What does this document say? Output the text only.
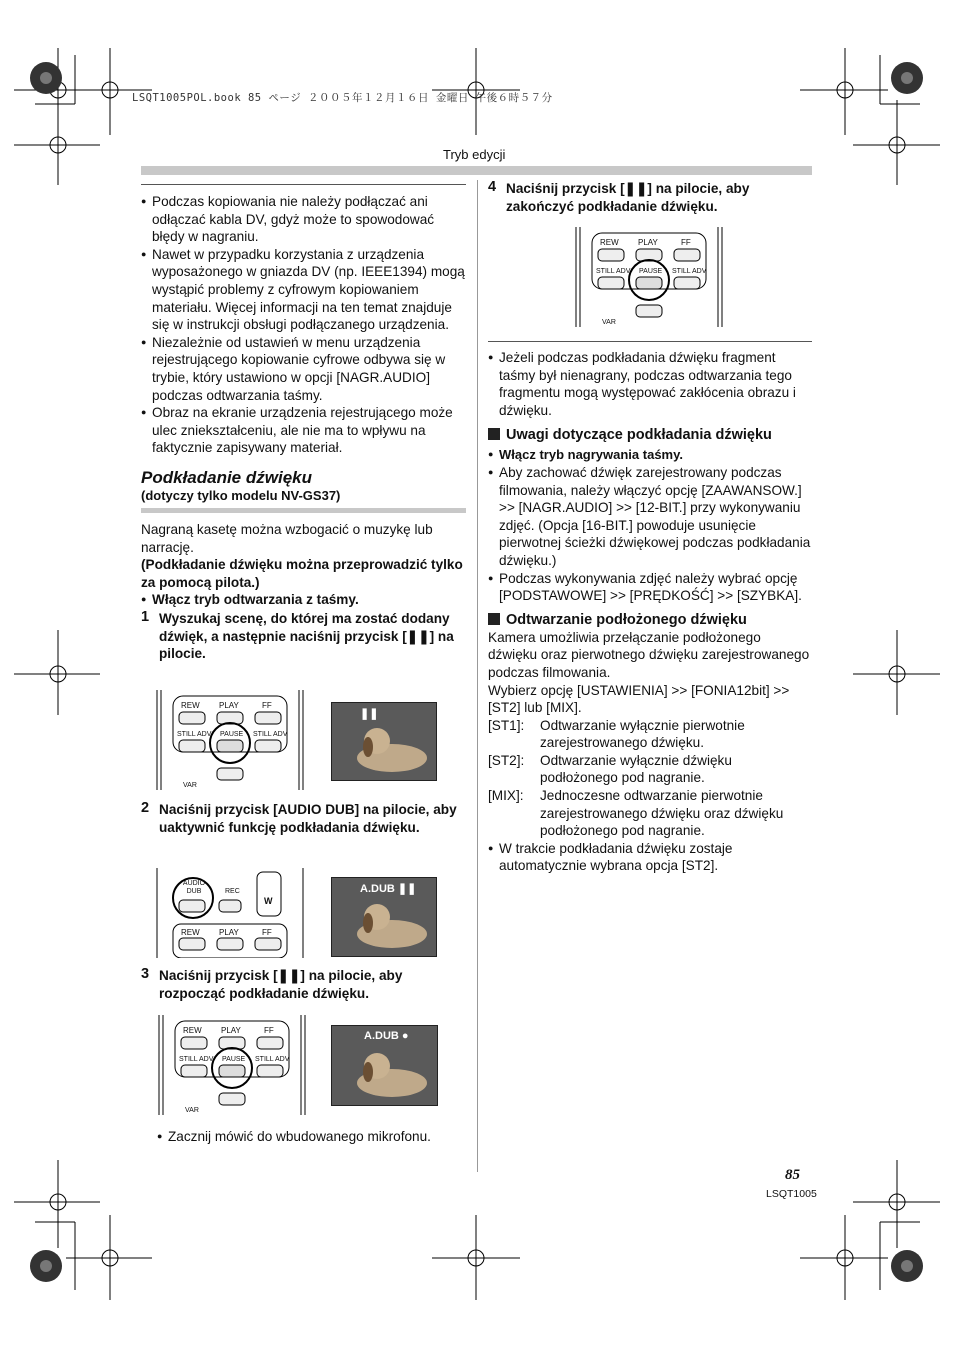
LSQT1005POL.book 85 ページ ２００５年１２月１６日 金曜日 午後６時５７分
Tryb edycji

● Podczas kopiowania nie należy podłączać ani odłączać kabla DV, gdyż może to spowodować błędy w nagraniu.

● Nawet w przypadku korzystania z urządzenia wyposażonego w gniazda DV (np. IEEE1394) mogą wystąpić problemy z cyfrowym kopiowaniem materiału. Więcej informacji na ten temat znajduje się w instrukcji obsługi podłączanego urządzenia.

● Niezależnie od ustawień w menu urządzenia rejestrującego kopiowanie cyfrowe odbywa się w trybie, który ustawiono w opcji [NAGR.AUDIO] podczas odtwarzania taśmy.

● Obraz na ekranie urządzenia rejestrującego może ulec zniekształceniu, ale nie ma to wpływu na faktycznie zapisywany materiał.

Podkładanie dźwięku

(dotyczy tylko modelu NV-GS37)

Nagraną kasetę można wzbogacić o muzykę lub narrację.

(Podkładanie dźwięku można przeprowadzić tylko za pomocą pilota.)

● Włącz tryb odtwarzania z taśmy.

1 Wyszukaj scenę, do której ma zostać dodany dźwięk, a następnie naciśnij przycisk [❚❚] na pilocie.

REW PLAY	FF
STILL ADV PAUSE STILL ADV
VAR
❚❚

2 Naciśnij przycisk [AUDIO DUB] na pilocie, aby uaktywnić funkcję podkładania dźwięku.

AUDIO DUB	REC
W
REW PLAY	FF
A.DUB ❚❚

3 Naciśnij przycisk [❚❚] na pilocie, aby rozpocząć podkładanie dźwięku.

REW PLAY	FF
STILL ADV PAUSE STILL ADV
VAR
A.DUB ●

● Zacznij mówić do wbudowanego mikrofonu.

4 Naciśnij przycisk [❚❚] na pilocie, aby zakończyć podkładanie dźwięku.

REW PLAY	FF
STILL ADV PAUSE STILL ADV
VAR

● Jeżeli podczas podkładania dźwięku fragment taśmy był nienagrany, podczas odtwarzania tego fragmentu mogą występować zakłócenia obrazu i dźwięku.

Uwagi dotyczące podkładania dźwięku

● Włącz tryb nagrywania taśmy.

● Aby zachować dźwięk zarejestrowany podczas filmowania, należy włączyć opcję [ZAAWANSOW.] >> [NAGR.AUDIO] >> [12-BIT.] przy wykonywaniu zdjęć. (Opcja [16-BIT.] powoduje usunięcie pierwotnej ścieżki dźwiękowej podczas podkładania dźwięku.)

● Podczas wykonywania zdjęć należy wybrać opcję [PODSTAWOWE] >> [PRĘDKOŚĆ] >> [SZYBKA].

Odtwarzanie podłożonego dźwięku

Kamera umożliwia przełączanie podłożonego dźwięku oraz pierwotnego dźwięku zarejestrowanego podczas filmowania.

Wybierz opcję [USTAWIENIA] >> [FONIA12bit] >> [ST2] lub [MIX].

[ST1]:	Odtwarzanie wyłącznie pierwotnie zarejestrowanego dźwięku.
[ST2]:	Odtwarzanie wyłącznie dźwięku podłożonego pod nagranie.
[MIX]:	Jednoczesne odtwarzanie pierwotnie zarejestrowanego dźwięku oraz dźwięku podłożonego pod nagranie.

● W trakcie podkładania dźwięku zostaje automatycznie wybrana opcja [ST2].

85
LSQT1005
